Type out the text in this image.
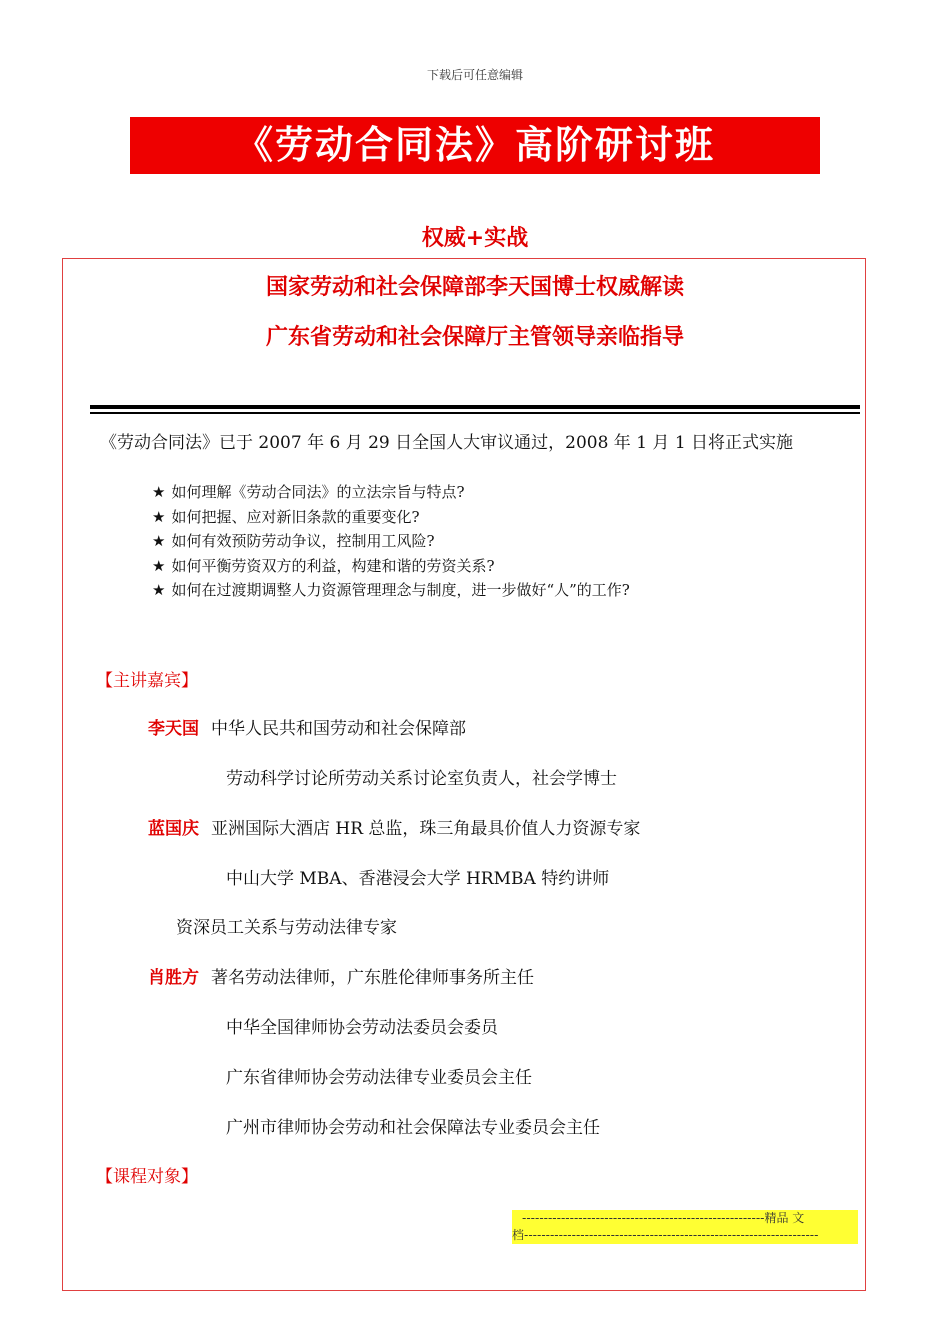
下载后可任意编辑
《劳动合同法》高阶研讨班
权威+实战
国家劳动和社会保障部李天国博士权威解读
广东省劳动和社会保障厅主管领导亲临指导
《劳动合同法》已于 2007 年 6 月 29 日全国人大审议通过，2008 年 1 月 1 日将正式实施
★ 如何理解《劳动合同法》的立法宗旨与特点?
★ 如何把握、应对新旧条款的重要变化?
★ 如何有效预防劳动争议，控制用工风险?
★ 如何平衡劳资双方的利益，构建和谐的劳资关系?
★ 如何在过渡期调整人力资源管理理念与制度，进一步做好“人”的工作?
【主讲嘉宾】
李天国 中华人民共和国劳动和社会保障部
劳动科学讨论所劳动关系讨论室负责人，社会学博士
蓝国庆 亚洲国际大酒店 HR 总监，珠三角最具价值人力资源专家
中山大学 MBA、香港浸会大学 HRMBA 特约讲师
资深员工关系与劳动法律专家
肖胜方 著名劳动法律师，广东胜伦律师事务所主任
中华全国律师协会劳动法委员会委员
广东省律师协会劳动法律专业委员会主任
广州市律师协会劳动和社会保障法专业委员会主任
【课程对象】
--------------------------------------------------------精品 文
档--------------------------------------------------------------------
